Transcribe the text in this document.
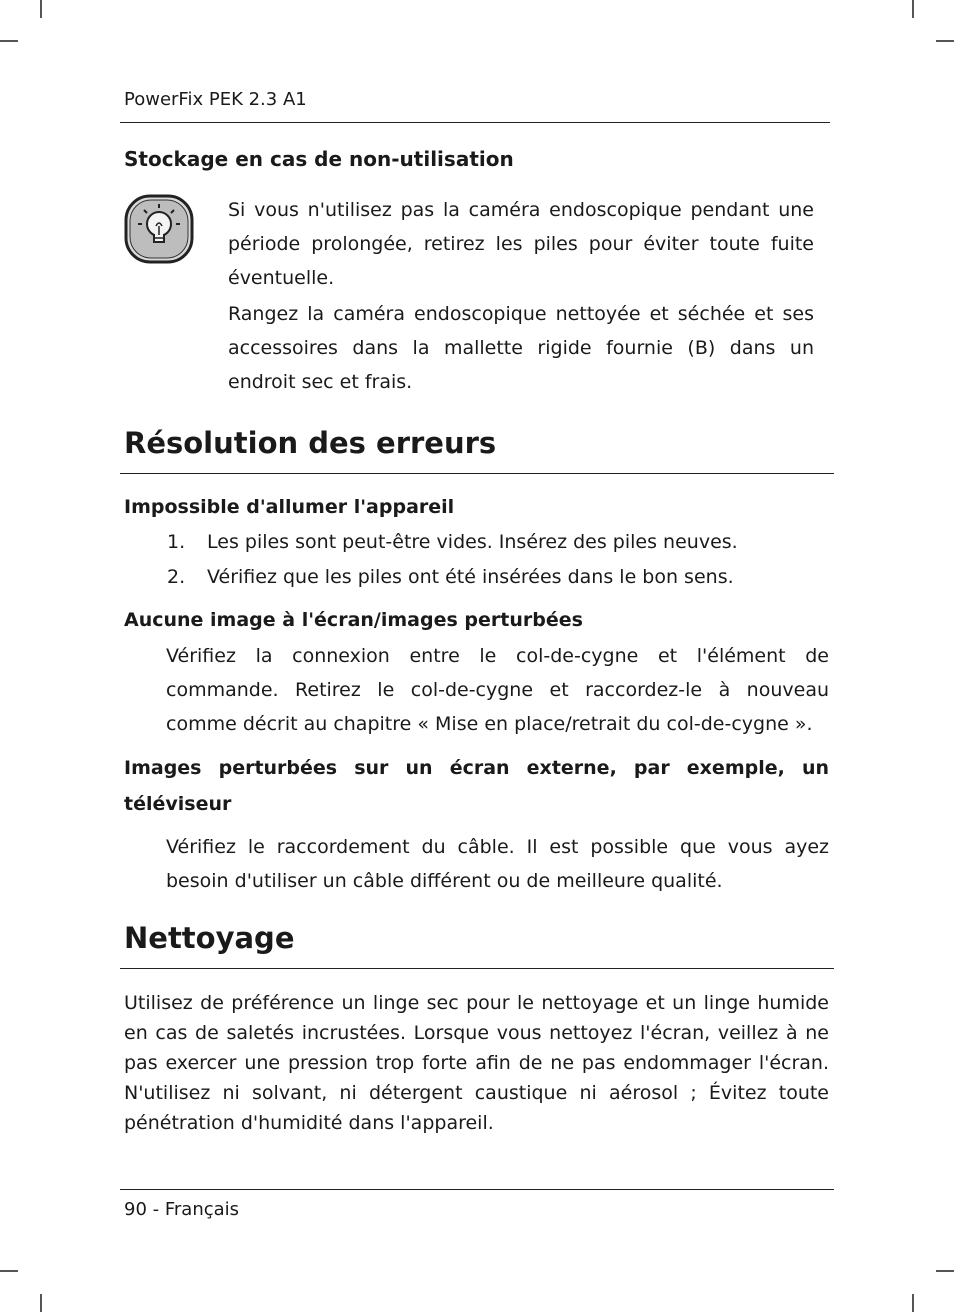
PowerFix PEK 2.3 A1
Stockage en cas de non-utilisation
Si vous n'utilisez pas la caméra endoscopique pendant une période prolongée, retirez les piles pour éviter toute fuite éventuelle.
Rangez la caméra endoscopique nettoyée et séchée et ses accessoires dans la mallette rigide fournie (B) dans un endroit sec et frais.
Résolution des erreurs
Impossible d'allumer l'appareil
1. Les piles sont peut-être vides. Insérez des piles neuves.
2. Vérifiez que les piles ont été insérées dans le bon sens.
Aucune image à l'écran/images perturbées
Vérifiez la connexion entre le col-de-cygne et l'élément de commande. Retirez le col-de-cygne et raccordez-le à nouveau comme décrit au chapitre « Mise en place/retrait du col-de-cygne ».
Images perturbées sur un écran externe, par exemple, un téléviseur
Vérifiez le raccordement du câble. Il est possible que vous ayez besoin d'utiliser un câble différent ou de meilleure qualité.
Nettoyage
Utilisez de préférence un linge sec pour le nettoyage et un linge humide en cas de saletés incrustées. Lorsque vous nettoyez l'écran, veillez à ne pas exercer une pression trop forte afin de ne pas endommager l'écran. N'utilisez ni solvant, ni détergent caustique ni aérosol ; Évitez toute pénétration d'humidité dans l'appareil.
90 - Français
